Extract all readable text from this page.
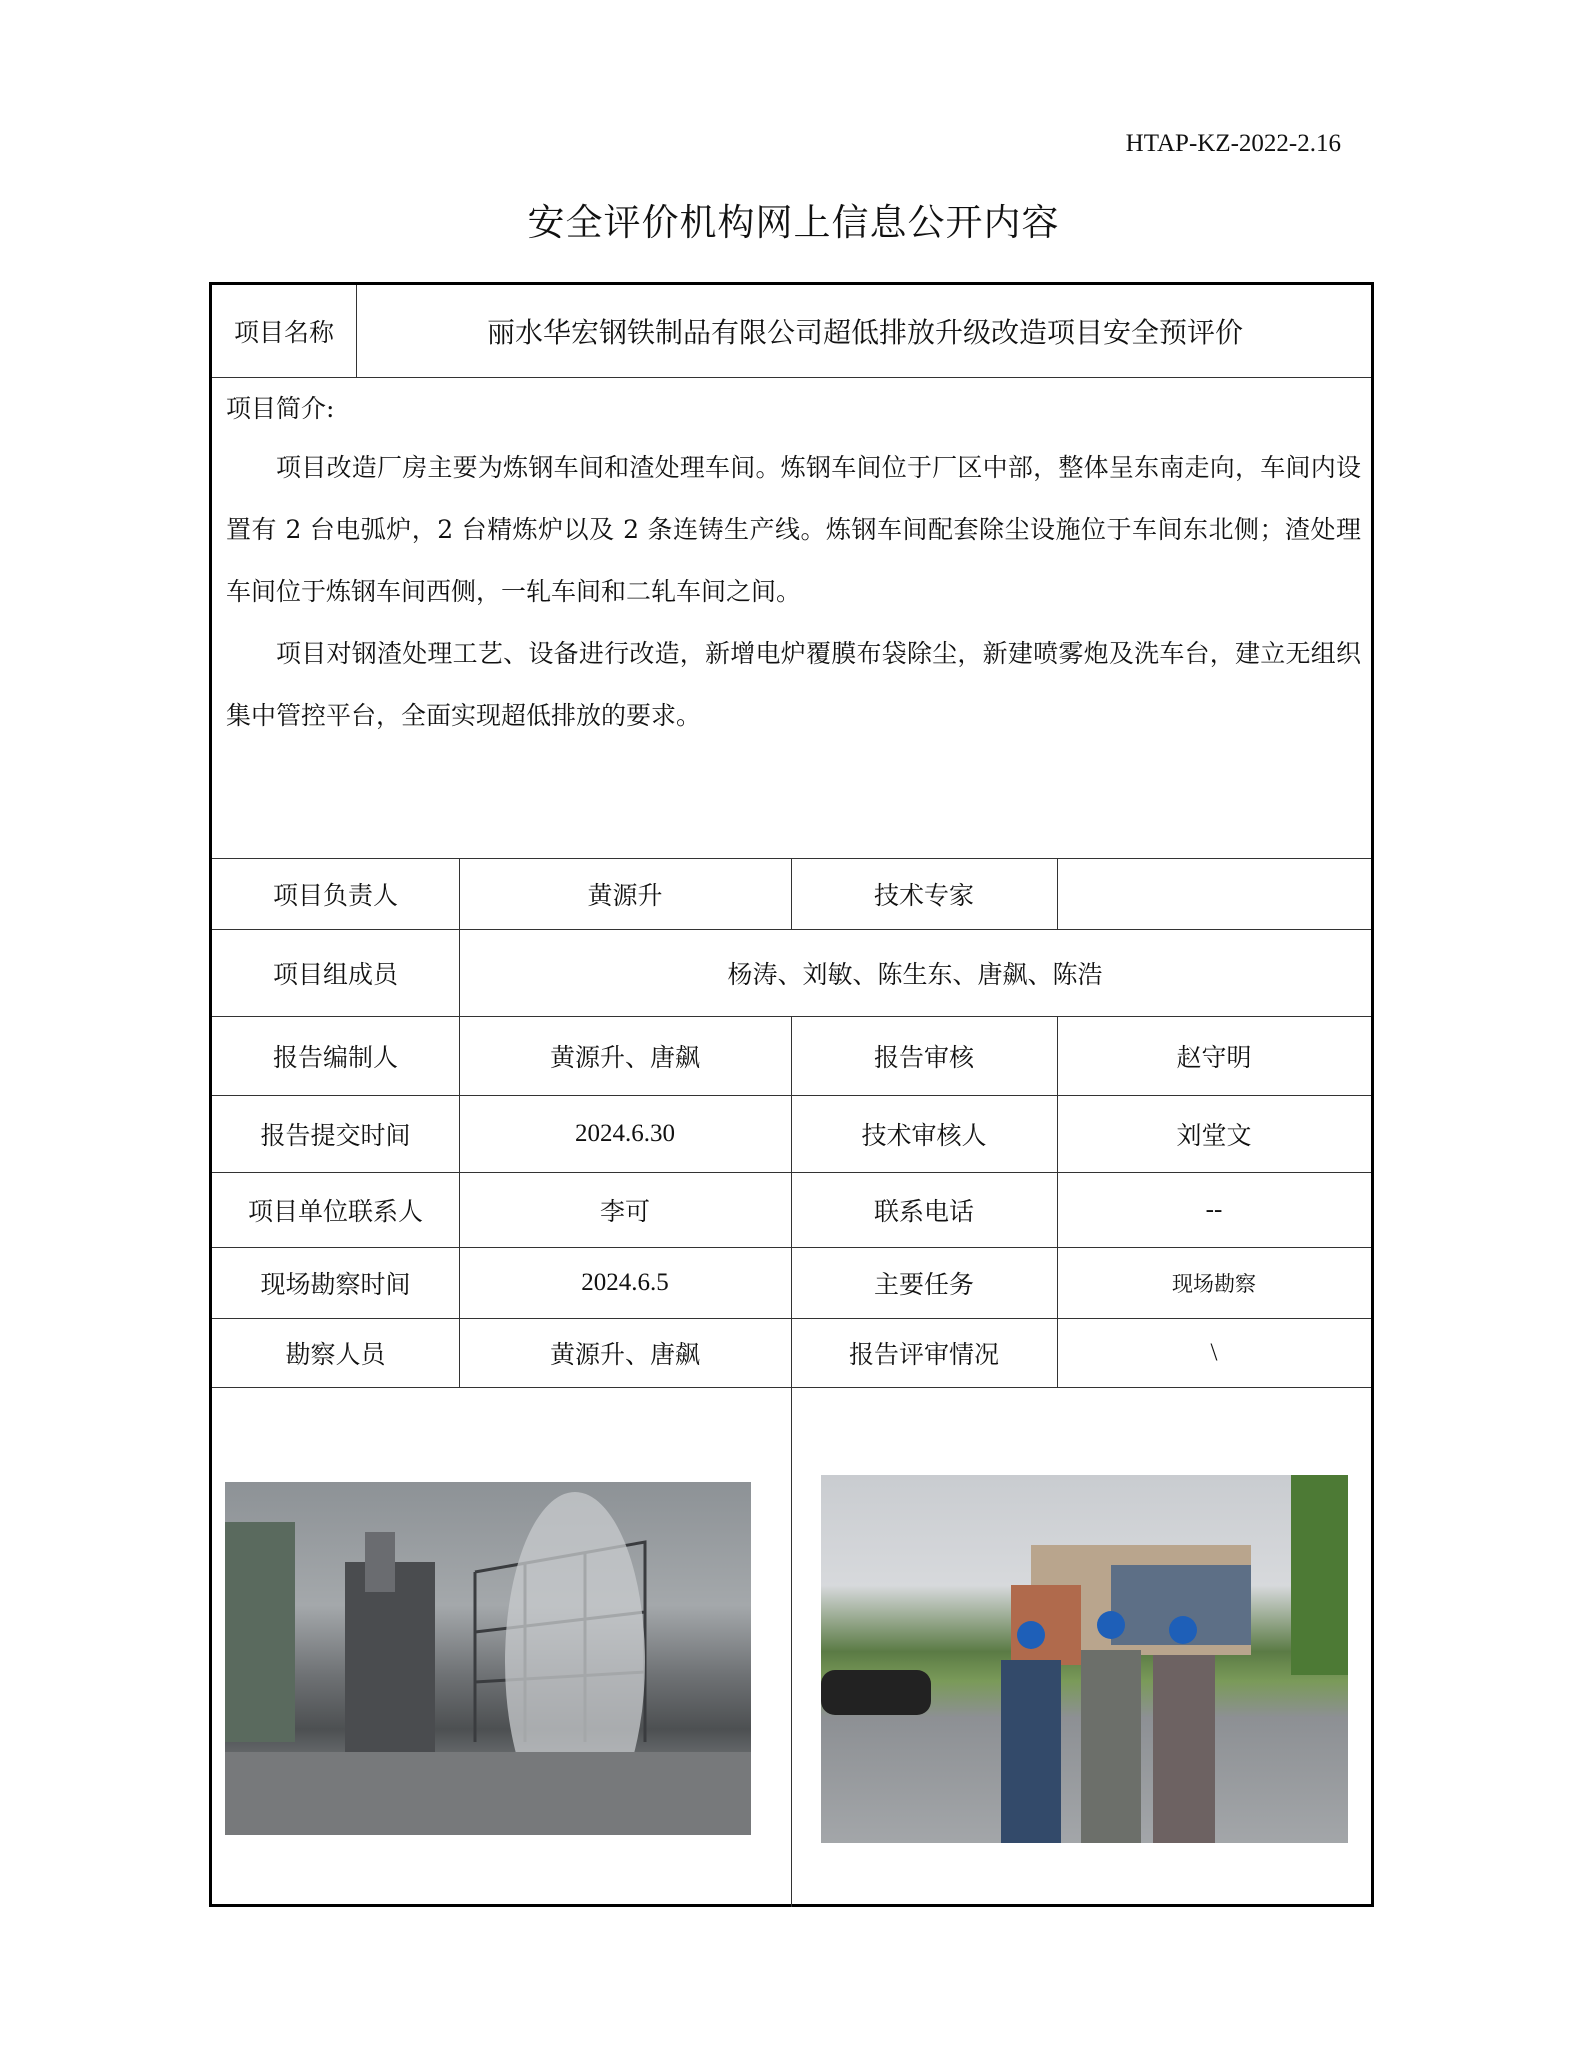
HTAP-KZ-2022-2.16
安全评价机构网上信息公开内容
项目名称	丽水华宏钢铁制品有限公司超低排放升级改造项目安全预评价

项目简介:

项目改造厂房主要为炼钢车间和渣处理车间。炼钢车间位于厂区中部，整体呈东南走向，车间内设置有 2 台电弧炉，2 台精炼炉以及 2 条连铸生产线。炼钢车间配套除尘设施位于车间东北侧；渣处理车间位于炼钢车间西侧，一轧车间和二轧车间之间。

项目对钢渣处理工艺、设备进行改造，新增电炉覆膜布袋除尘，新建喷雾炮及洗车台，建立无组织集中管控平台，全面实现超低排放的要求。

项目负责人	黄源升	技术专家
项目组成员	杨涛、刘敏、陈生东、唐飙、陈浩
报告编制人	黄源升、唐飙	报告审核	赵守明
报告提交时间	2024.6.30	技术审核人	刘堂文
项目单位联系人	李可	联系电话	--
现场勘察时间	2024.6.5	主要任务	现场勘察
勘察人员	黄源升、唐飙	报告评审情况	\
